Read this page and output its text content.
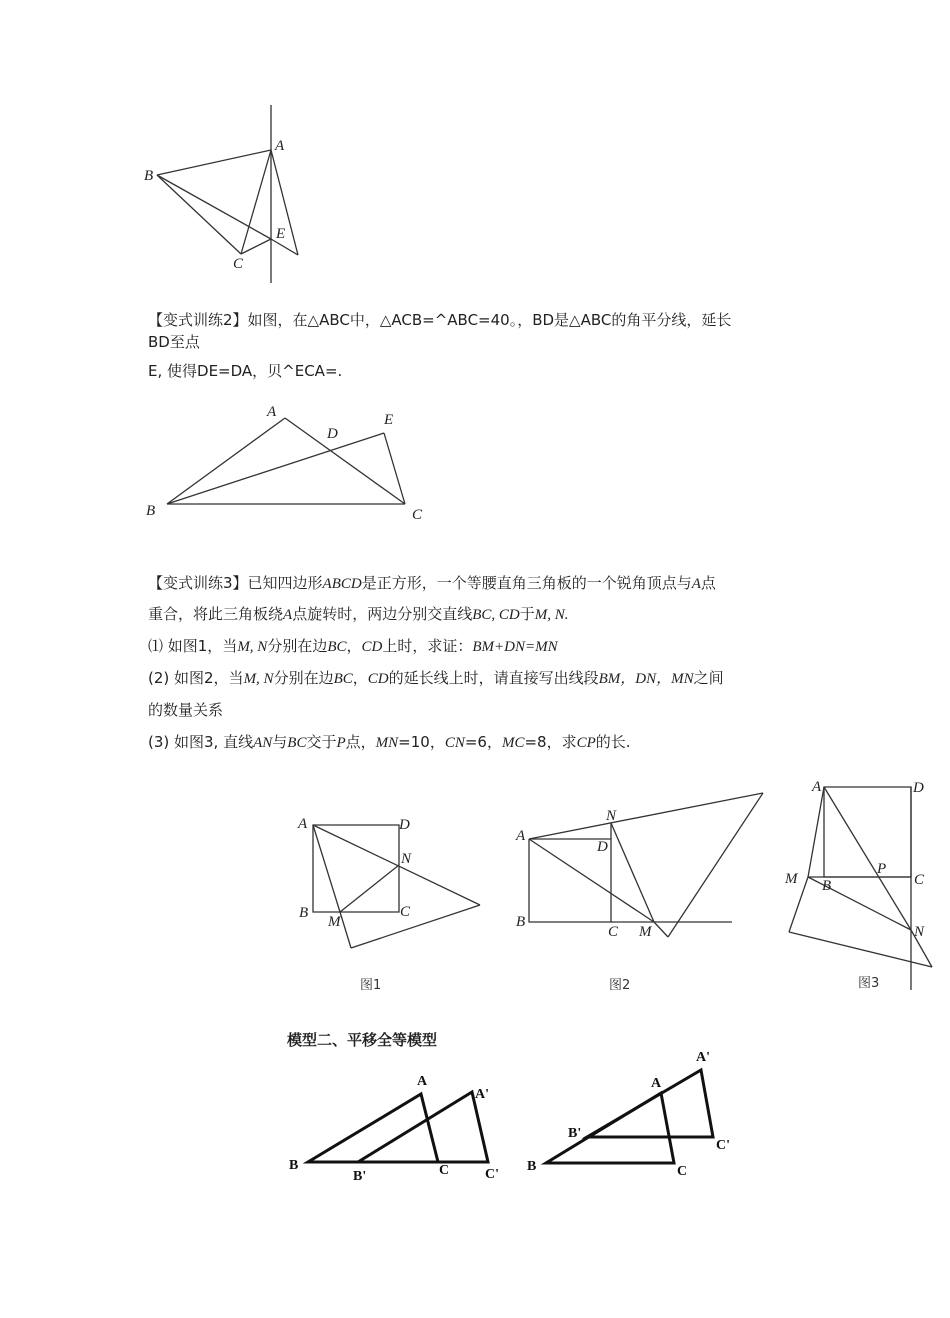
A
B
C
E
【变式训练2】如图，在△ABC中，△ACB=^ABC=40。，BD是△ABC的角平分线，延长
BD至点
E, 使得DE=DA，贝^ECA=.
A
B	C
D
E
【变式训练3】已知四边形ABCD是正方形，一个等腰直角三角板的一个锐角顶点与A点
重合，将此三角板绕A点旋转时，两边分别交直线BC, CD于M, N.
⑴ 如图1，当M, N分别在边BC，CD上时，求证：BM+DN=MN
(2) 如图2，当M, N分别在边BC，CD的延长线上时，请直接写出线段BM，DN，MN之间
的数量关系
(3) 如图3, 直线AN与BC交于P点，MN=10，CN=6，MC=8，求CP的长.
A	D
B	C
N
M
图1
A
N
D
B
C M
图2
A	D
M B
P
C
N
图3
模型二、平移全等模型
B
A
A'
B'	C	C'
B
A
A'
B'
C
C'
